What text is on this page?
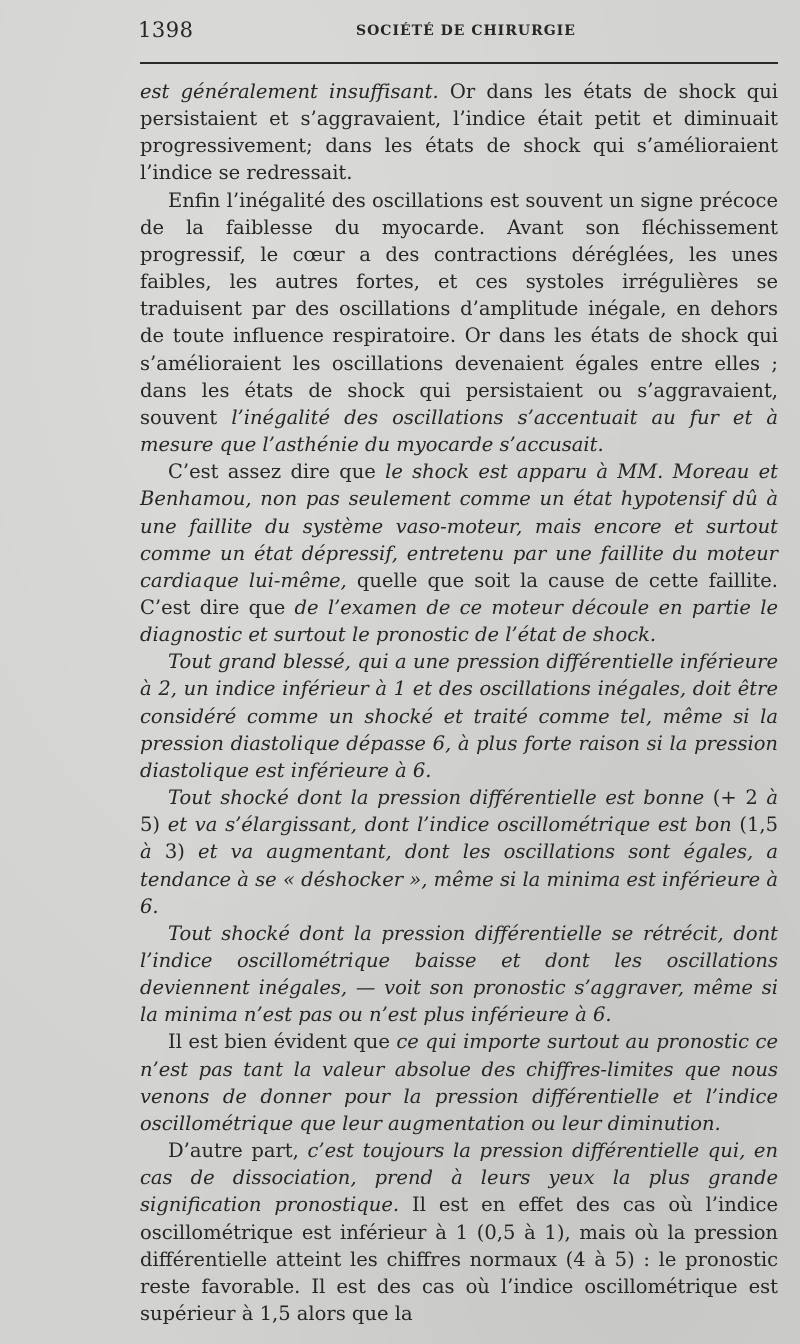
1398	SOCIÉTÉ DE CHIRURGIE

est généralement insuffisant. Or dans les états de shock qui persistaient et s’aggravaient, l’indice était petit et diminuait progressivement; dans les états de shock qui s’amélioraient l’indice se redressait.

Enfin l’inégalité des oscillations est souvent un signe précoce de la faiblesse du myocarde. Avant son fléchissement progressif, le cœur a des contractions déréglées, les unes faibles, les autres fortes, et ces systoles irrégulières se traduisent par des oscillations d’amplitude inégale, en dehors de toute influence respiratoire. Or dans les états de shock qui s’amélioraient les oscillations devenaient égales entre elles ; dans les états de shock qui persistaient ou s’aggravaient, souvent l’inégalité des oscillations s’accentuait au fur et à mesure que l’asthénie du myocarde s’accusait.

C’est assez dire que le shock est apparu à MM. Moreau et Benhamou, non pas seulement comme un état hypotensif dû à une faillite du système vaso-moteur, mais encore et surtout comme un état dépressif, entretenu par une faillite du moteur cardiaque lui-même, quelle que soit la cause de cette faillite. C’est dire que de l’examen de ce moteur découle en partie le diagnostic et surtout le pronostic de l’état de shock.

Tout grand blessé, qui a une pression différentielle inférieure à 2, un indice inférieur à 1 et des oscillations inégales, doit être considéré comme un shocké et traité comme tel, même si la pression diastolique dépasse 6, à plus forte raison si la pression diastolique est inférieure à 6.

Tout shocké dont la pression différentielle est bonne (+ 2 à 5) et va s’élargissant, dont l’indice oscillométrique est bon (1,5 à 3) et va augmentant, dont les oscillations sont égales, a tendance à se « déshocker », même si la minima est inférieure à 6.

Tout shocké dont la pression différentielle se rétrécit, dont l’indice oscillométrique baisse et dont les oscillations deviennent inégales, — voit son pronostic s’aggraver, même si la minima n’est pas ou n’est plus inférieure à 6.

Il est bien évident que ce qui importe surtout au pronostic ce n’est pas tant la valeur absolue des chiffres-limites que nous venons de donner pour la pression différentielle et l’indice oscillométrique que leur augmentation ou leur diminution.

D’autre part, c’est toujours la pression différentielle qui, en cas de dissociation, prend à leurs yeux la plus grande signification pronostique. Il est en effet des cas où l’indice oscillométrique est inférieur à 1 (0,5 à 1), mais où la pression différentielle atteint les chiffres normaux (4 à 5) : le pronostic reste favorable. Il est des cas où l’indice oscillométrique est supérieur à 1,5 alors que la
